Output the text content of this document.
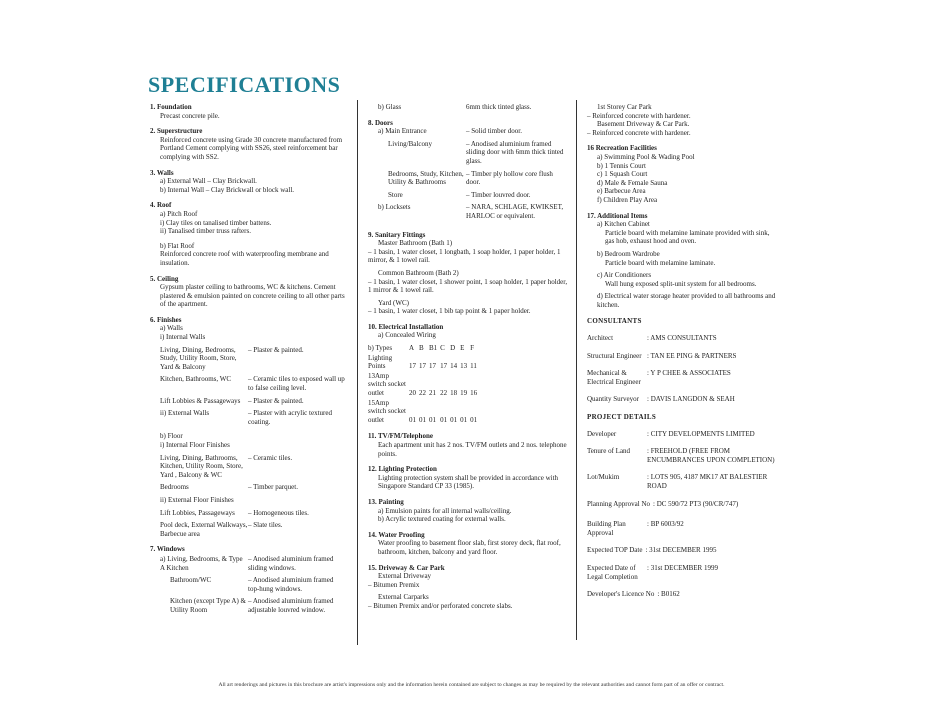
SPECIFICATIONS
1. Foundation
Precast concrete pile.
2. Superstructure
Reinforced concrete using Grade 30 concrete manufactured from Portland Cement complying with SS26, steel reinforcement bar complying with SS2.
3. Walls
a) External Wall – Clay Brickwall.
b) Internal Wall – Clay Brickwall or block wall.
4. Roof
a) Pitch Roof
i) Clay tiles on tanalised timber battens.
ii) Tanalised timber truss rafters.
b) Flat Roof
Reinforced concrete roof with waterproofing membrane and insulation.
5. Ceiling
Gypsum plaster ceiling to bathrooms, WC & kitchens. Cement plastered & emulsion painted on concrete ceiling to all other parts of the apartment.
6. Finishes
a) Walls
i) Internal Walls
Living, Dining, Bedrooms, Study, Utility Room, Store, Yard & Balcony
– Plaster & painted.
Kitchen, Bathrooms, WC	– Ceramic tiles to exposed wall up to false ceiling level.
Lift Lobbies & Passageways	– Plaster & painted.
ii) External Walls	– Plaster with acrylic textured coating.
b) Floor
i) Internal Floor Finishes
Living, Dining, Bathrooms, Kitchen, Utility Room, Store, Yard , Balcony & WC
– Ceramic tiles.
Bedrooms	– Timber parquet.
ii) External Floor Finishes
Lift Lobbies, Passageways	– Homogeneous tiles.
Pool deck, External Walkways, Barbecue area
– Slate tiles.
7. Windows
a) Living, Bedrooms, & Type A Kitchen
– Anodised aluminium framed sliding windows.
Bathroom/WC	– Anodised aluminium framed top-hung windows.
Kitchen (except Type A) & Utility Room
– Anodised aluminium framed adjustable louvred window.
b) Glass	6mm thick tinted glass.
8. Doors
a) Main Entrance	– Solid timber door.
Living/Balcony	– Anodised aluminium framed sliding door with 6mm thick tinted glass.
Bedrooms, Study, Kitchen, Utility & Bathrooms
– Timber ply hollow core flush door.
Store	– Timber louvred door.
b) Locksets	– NARA, SCHLAGE, KWIKSET, HARLOC or equivalent.
9. Sanitary Fittings
Master Bathroom (Bath 1)
– 1 basin, 1 water closet, 1 longbath, 1 soap holder, 1 paper holder, 1 mirror, & 1 towel rail.
Common Bathroom (Bath 2)
– 1 basin, 1 water closet, 1 shower point, 1 soap holder, 1 paper holder, 1 mirror & 1 towel rail.
Yard (WC)
– 1 basin, 1 water closet, 1 bib tap point & 1 paper holder.
10. Electrical Installation
a) Concealed Wiring
b) Types	A	B	B1	C	D	E	F
Lighting Points	17	17	17	17	14	13	11
13Amp switch socket outlet	20	22	21	22	18	19	16
15Amp switch socket outlet	01	01	01	01	01	01	01
11. TV/FM/Telephone
Each apartment unit has 2 nos. TV/FM outlets and 2 nos. telephone points.
12. Lighting Protection
Lighting protection system shall be provided in accordance with Singapore Standard CP 33 (1985).
13. Painting
a) Emulsion paints for all internal walls/ceiling.
b) Acrylic textured coating for external walls.
14. Water Proofing
Water proofing to basement floor slab, first storey deck, flat roof, bathroom, kitchen, balcony and yard floor.
15. Driveway & Car Park
External Driveway
– Bitumen Premix
External Carparks
– Bitumen Premix and/or perforated concrete slabs.
1st Storey Car Park
– Reinforced concrete with hardener.
Basement Driveway & Car Park.
– Reinforced concrete with hardener.
16 Recreation Facilities
a) Swimming Pool & Wading Pool
b) 1 Tennis Court
c) 1 Squash Court
d) Male & Female Sauna
e) Barbecue Area
f) Children Play Area
17. Additional Items
a) Kitchen Cabinet
Particle board with melamine laminate provided with sink, gas hob, exhaust hood and oven.
b) Bedroom Wardrobe
Particle board with melamine laminate.
c) Air Conditioners
Wall hung exposed split-unit system for all bedrooms.
d) Electrical water storage heater provided to all bathrooms and kitchen.
CONSULTANTS
Architect	: AMS CONSULTANTS
Structural Engineer : TAN EE PING & PARTNERS
Mechanical & Electrical Engineer
: Y P CHEE & ASSOCIATES
Quantity Surveyor	: DAVIS LANGDON & SEAH
PROJECT DETAILS
Developer	: CITY DEVELOPMENTS LIMITED
Tenure of Land	: FREEHOLD (FREE FROM ENCUMBRANCES UPON COMPLETION)
Lot/Mukim	: LOTS 905, 4187 MK17 AT BALESTIER ROAD
Planning Approval No : DC 590/72 PT3 (90/CR/747)
Building Plan Approval
: BP 6003/92
Expected TOP Date : 31st DECEMBER 1995
Expected Date of Legal Completion
: 31st DECEMBER 1999
Developer's Licence No : B0162
All art renderings and pictures in this brochure are artist's impressions only and the information herein contained are subject to changes as may be required by the relevant authorities and cannot form part of an offer or contract.
